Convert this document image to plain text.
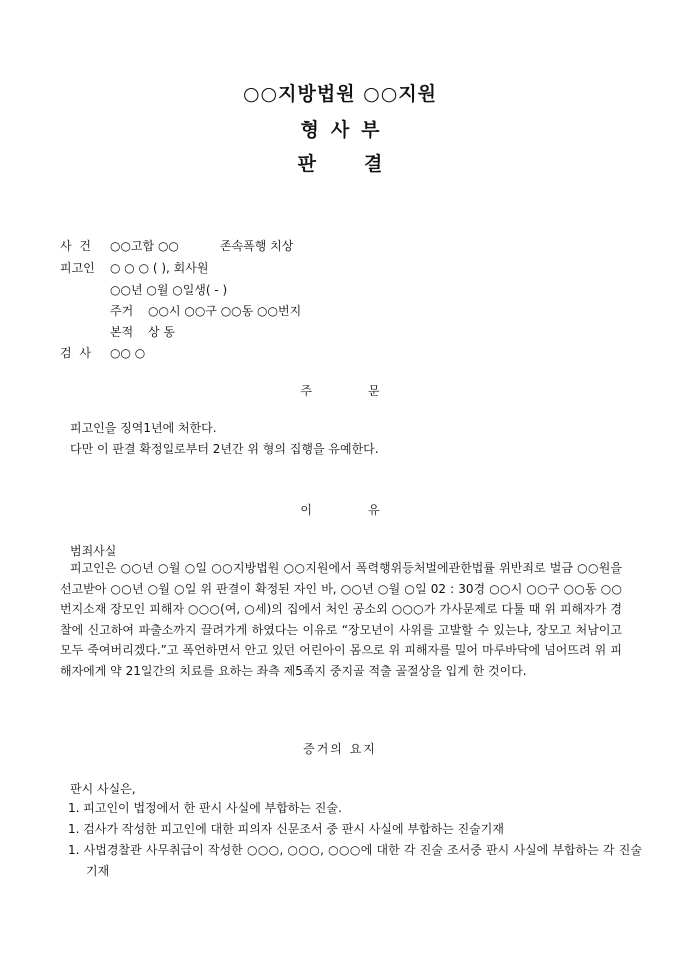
○○지방법원 ○○지원
형사부
판결
사 건 ○○고합 ○○	존속폭행 치상
피고인 ○ ○ ○ ( ), 회사원
○○년 ○월 ○일생( - )
주거 ○○시 ○○구 ○○동 ○○번지
본적 상 동
검 사 ○○ ○
주문
피고인을 징역1년에 처한다.
다만 이 판결 확정일로부터 2년간 위 형의 집행을 유예한다.
이유
범죄사실
피고인은 ○○년 ○월 ○일 ○○지방법원 ○○지원에서 폭력행위등처벌에관한법률 위반죄로 벌금 ○○원을 선고받아 ○○년 ○월 ○일 위 판결이 확정된 자인 바, ○○년 ○월 ○일 02 : 30경 ○○시 ○○구 ○○동 ○○번지소재 장모인 피해자 ○○○(여, ○세)의 집에서 처인 공소외 ○○○가 가사문제로 다툴 때 위 피해자가 경찰에 신고하여 파출소까지 끌려가게 하였다는 이유로 “장모년이 사위를 고발할 수 있는냐, 장모고 처남이고 모두 죽여버리겠다.”고 폭언하면서 안고 있던 어린아이 몸으로 위 피해자를 밀어 마루바닥에 넘어뜨려 위 피해자에게 약 21일간의 치료를 요하는 좌측 제5족지 중지골 적출 골절상을 입게 한 것이다.
증거의 요지
판시 사실은,
1. 피고인이 법정에서 한 판시 사실에 부합하는 진술.
1. 검사가 작성한 피고인에 대한 피의자 신문조서 중 판시 사실에 부합하는 진술기재
1. 사법경찰관 사무취급이 작성한 ○○○, ○○○, ○○○에 대한 각 진술 조서중 판시 사실에 부합하는 각 진술 기재
